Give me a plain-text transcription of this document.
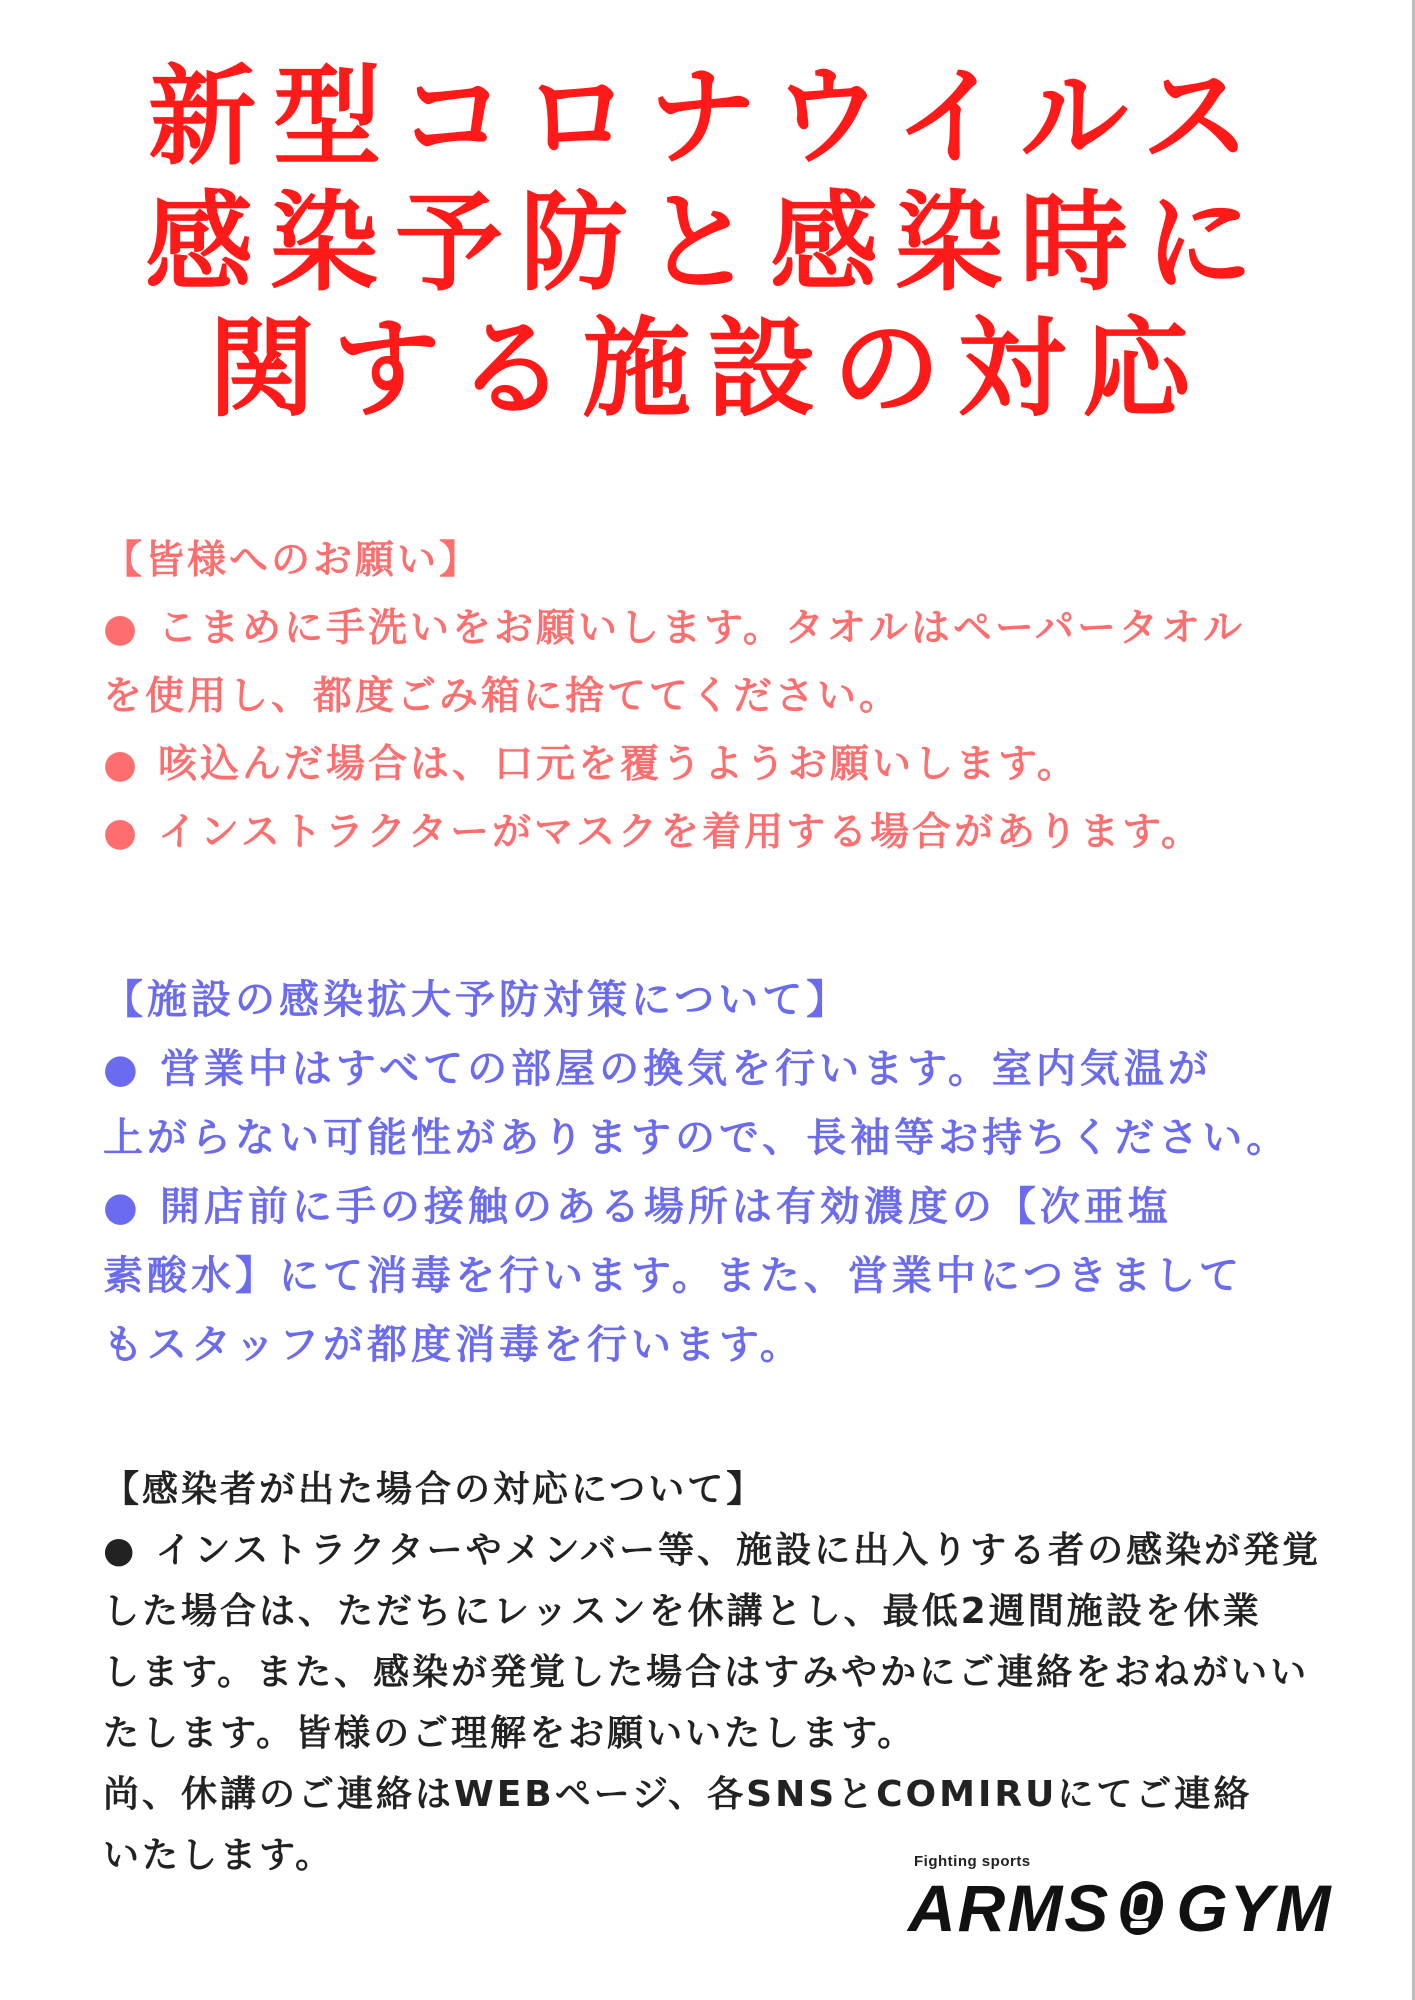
新型コロナウイルス
感染予防と感染時に
関する施設の対応
【皆様へのお願い】
● こまめに手洗いをお願いします。タオルはペーパータオル
を使用し、都度ごみ箱に捨ててください。
● 咳込んだ場合は、口元を覆うようお願いします。
● インストラクターがマスクを着用する場合があります。
【施設の感染拡大予防対策について】
● 営業中はすべての部屋の換気を行います。室内気温が
上がらない可能性がありますので、長袖等お持ちください。
● 開店前に手の接触のある場所は有効濃度の【次亜塩
素酸水】にて消毒を行います。また、営業中につきまして
もスタッフが都度消毒を行います。
【感染者が出た場合の対応について】
● インストラクターやメンバー等、施設に出入りする者の感染が発覚
した場合は、ただちにレッスンを休講とし、最低2週間施設を休業
します。また、感染が発覚した場合はすみやかにご連絡をおねがいい
たします。皆様のご理解をお願いいたします。
尚、休講のご連絡はWEBページ、各SNSとCOMIRUにてご連絡
いたします。	Fighting sports
ARMS GYM
